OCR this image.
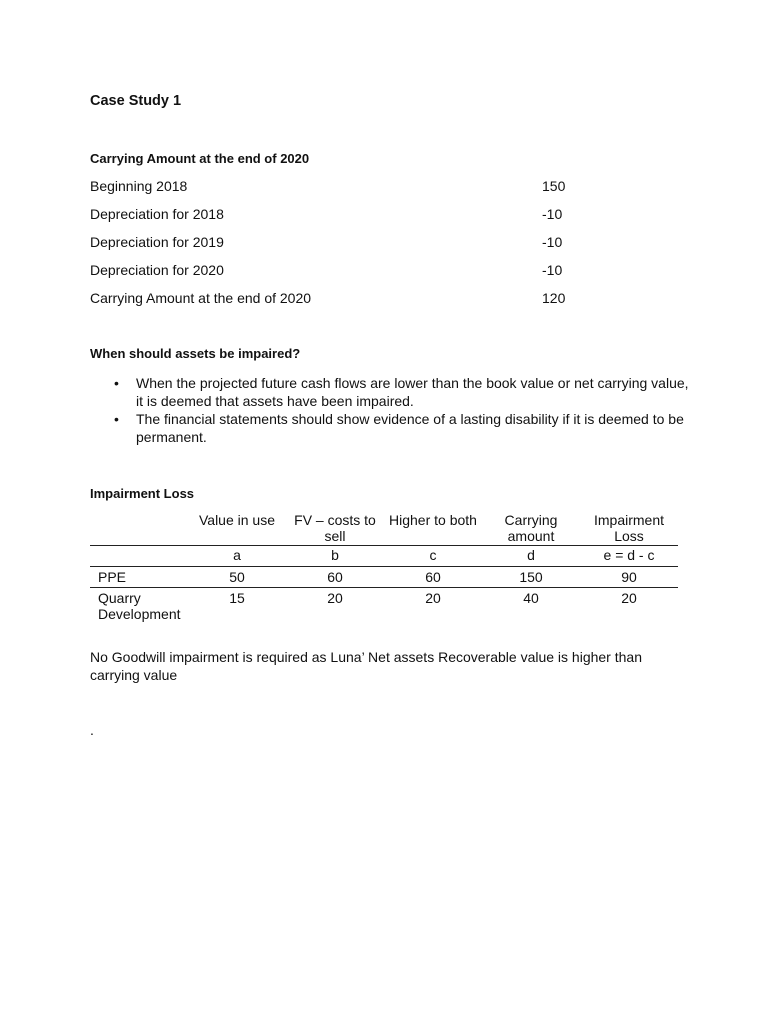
Case Study 1
Carrying Amount at the end of 2020
Beginning 2018	150
Depreciation for 2018	-10
Depreciation for 2019	-10
Depreciation for 2020	-10
Carrying Amount at the end of 2020	120
When should assets be impaired?
• When the projected future cash flows are lower than the book value or net carrying value, it is deemed that assets have been impaired.
• The financial statements should show evidence of a lasting disability if it is deemed to be permanent.
Impairment Loss
	Value in use	FV – costs to sell	Higher to both	Carrying amount	Impairment Loss
	a	b	c	d	e = d - c
PPE	50	60	60	150	90
Quarry Development	15	20	20	40	20

No Goodwill impairment is required as Luna’ Net assets Recoverable value is higher than carrying value

.
